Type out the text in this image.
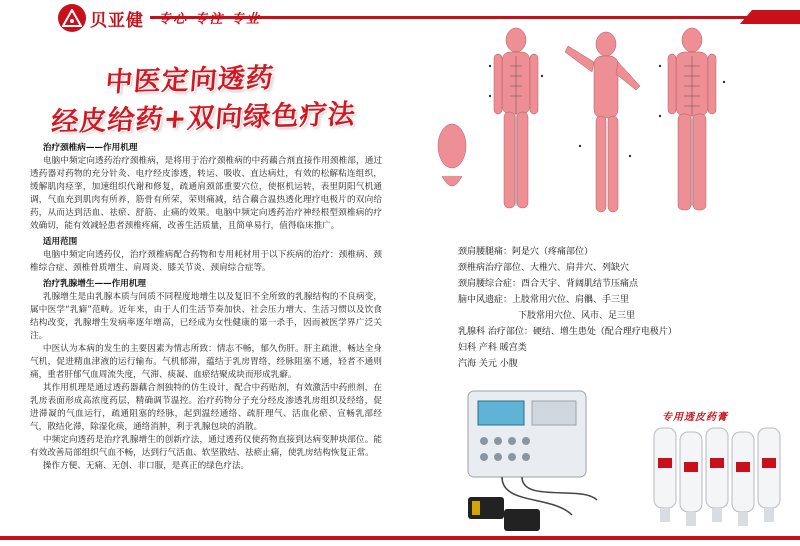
贝亚健 专心 专注 专业
中医定向透药
经皮给药+双向绿色疗法

治疗颈椎病——作用机理

电脑中频定向透药治疗颈椎病，是将用于治疗颈椎病的中药藕合剂直接作用颈椎部，通过透药器对药物的充分针灸、电疗经皮渗透，转运、吸收、直达病灶，有效的松解粘连组织，缓解肌肉痉挛，加速组织代谢和修复，疏通肩颈部重要穴位，使枢机运转，表里阴阳气机通调，气血充到肌肉有所养，筋骨有所荣，荣则痛减，结合藕合温热透化理疗电极片的双向给药，从而达到活血、祛瘀、舒筋、止痛的效果。电脑中频定向透药治疗神经根型颈椎病的疗效确切，能有效减轻患者颈椎疼痛，改善生活质量，且简单易行，值得临床推广。

适用范围

电脑中频定向透药仪，治疗颈椎病配合药物和专用耗材用于以下疾病的治疗：颈椎病、颈椎综合症、颈椎骨质增生、肩周炎、膝关节炎、颈肩综合症等。

治疗乳腺增生——作用机理

乳腺增生是由乳腺本质与间质不同程度地增生以及复旧不全所致的乳腺结构的不良病变，属中医学“乳癖”范畴。近年来，由于人们生活节奏加快、社会压力增大、生活习惯以及饮食结构改变，乳腺增生发病率逐年增高，已经成为女性健康的第一杀手，因而被医学界广泛关注。

中医认为本病的发生的主要因素为情志所致：情志不畅，郁久伤肝。肝主疏泄，畅达全身气机，促进精血津液的运行输布。气机郁滞，蕴结于乳房胃络，经脉阻塞不通，轻者不通则痛，重者肝郁气血周流失度，气滞、痰凝、血瘀结聚成块而形成乳癖。

其作用机理是通过透药器藕合剂独特的仿生设计，配合中药贴剂，有效激活中药煎剂，在乳房表面形成高浓度药层，精确调节温控。治疗药物分子充分经皮渗透乳房组织及经络，促进滞凝的气血运行，疏通阻塞的经脉，起到温经通络、疏肝理气、活血化瘀、宣畅乳部经气，散结化滞，除湿化痰，通络消肿，利于乳腺包块的消散。

中频定向透药是治疗乳腺增生的创新疗法，通过透药仪使药物直接到达病变肿块部位。能有效改善局部组织气血不畅，达到行气活血、软坚散结、祛瘀止痛，使乳房结构恢复正常。

操作方便、无痛、无创、非口服，是真正的绿色疗法。

颈肩腰腿痛：阿是穴（疼痛部位）
颈椎病治疗部位、大椎穴、肩井穴、列缺穴
颈肩腰综合症：酉合天宇、背阔肌结节压痛点
脑中风遗症：上肢常用穴位、肩髃、手三里
下肢常用穴位、风市、足三里
乳腺科 治疗部位：硬结、增生患处（配合理疗电极片）
妇科 产科 暖宫类
汽海 关元 小腹
专用透皮药膏
